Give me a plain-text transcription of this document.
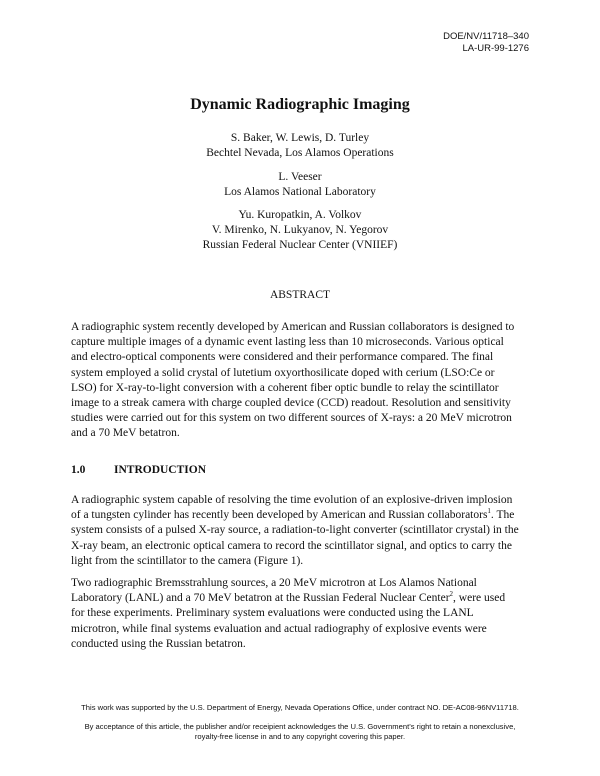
DOE/NV/11718–340
LA-UR-99-1276
Dynamic Radiographic Imaging
S. Baker, W. Lewis, D. Turley
Bechtel Nevada, Los Alamos Operations
L. Veeser
Los Alamos National Laboratory
Yu. Kuropatkin, A. Volkov
V. Mirenko, N. Lukyanov, N. Yegorov
Russian Federal Nuclear Center (VNIIEF)
ABSTRACT
A radiographic system recently developed by American and Russian collaborators is designed to
capture multiple images of a dynamic event lasting less than 10 microseconds. Various optical
and electro-optical components were considered and their performance compared. The final
system employed a solid crystal of lutetium oxyorthosilicate doped with cerium (LSO:Ce or
LSO) for X-ray-to-light conversion with a coherent fiber optic bundle to relay the scintillator
image to a streak camera with charge coupled device (CCD) readout. Resolution and sensitivity
studies were carried out for this system on two different sources of X-rays: a 20 MeV microtron
and a 70 MeV betatron.
1.0 INTRODUCTION
A radiographic system capable of resolving the time evolution of an explosive-driven implosion
of a tungsten cylinder has recently been developed by American and Russian collaborators$^1$. The
system consists of a pulsed X-ray source, a radiation-to-light converter (scintillator crystal) in the
X-ray beam, an electronic optical camera to record the scintillator signal, and optics to carry the
light from the scintillator to the camera (Figure 1).
Two radiographic Bremsstrahlung sources, a 20 MeV microtron at Los Alamos National
Laboratory (LANL) and a 70 MeV betatron at the Russian Federal Nuclear Center$^2$, were used
for these experiments. Preliminary system evaluations were conducted using the LANL
microtron, while final systems evaluation and actual radiography of explosive events were
conducted using the Russian betatron.
This work was supported by the U.S. Department of Energy, Nevada Operations Office, under contract NO. DE-AC08-96NV11718.
By acceptance of this article, the publisher and/or receipient acknowledges the U.S. Government’s right to retain a nonexclusive,
royalty-free license in and to any copyright covering this paper.
